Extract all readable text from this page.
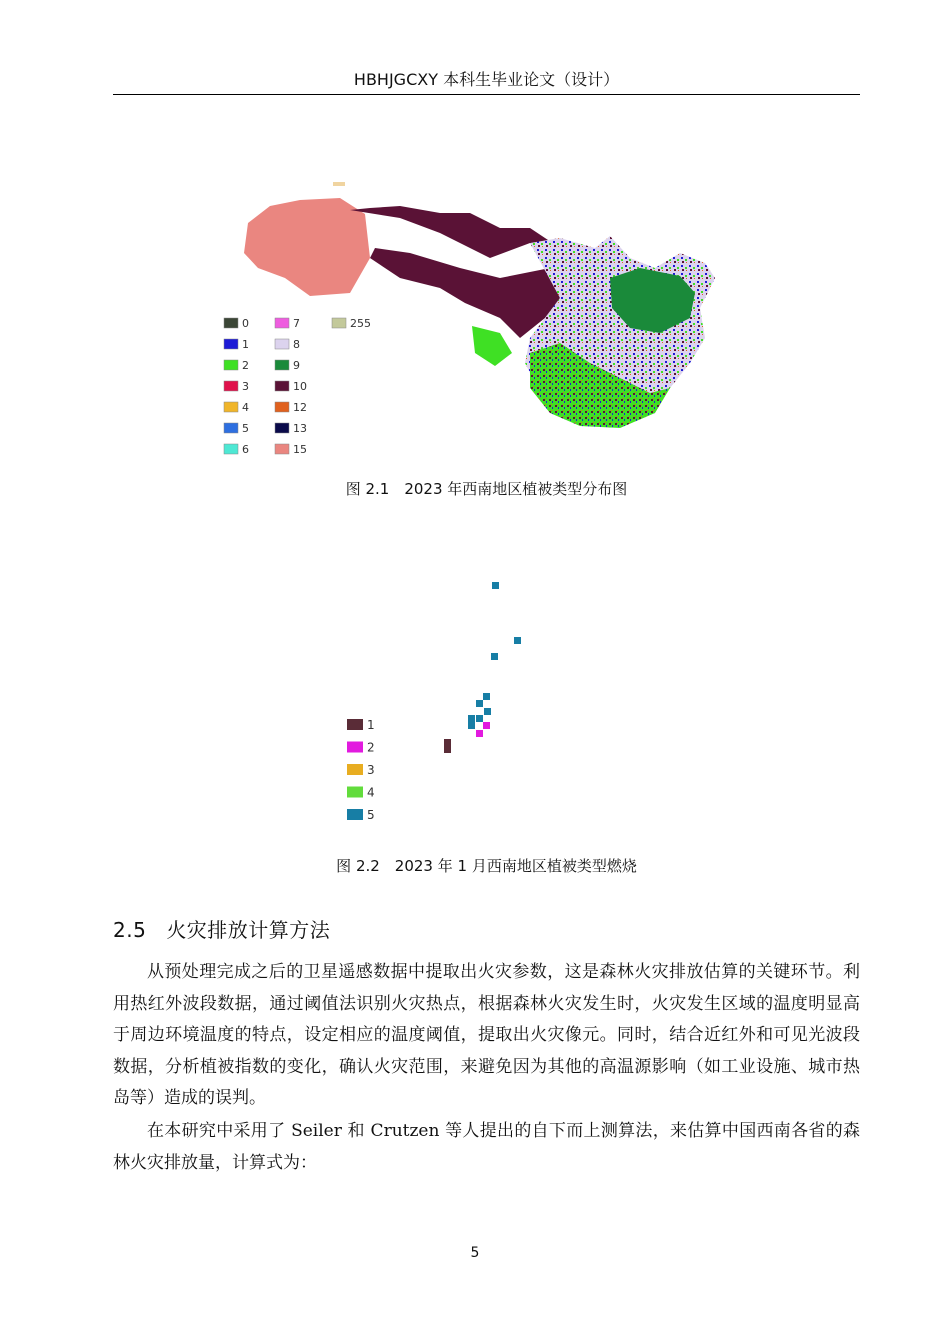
HBHJGCXY 本科生毕业论文（设计）
0
1
2
3
4
5
6
7
8
9
10
12
13
15
255
图 2.1　2023 年西南地区植被类型分布图
1
2
3
4
5
图 2.2　2023 年 1 月西南地区植被类型燃烧
2.5 火灾排放计算方法
从预处理完成之后的卫星遥感数据中提取出火灾参数，这是森林火灾排放估算的关键环节。利用热红外波段数据，通过阈值法识别火灾热点，根据森林火灾发生时，火灾发生区域的温度明显高于周边环境温度的特点，设定相应的温度阈值，提取出火灾像元。同时，结合近红外和可见光波段数据，分析植被指数的变化，确认火灾范围，来避免因为其他的高温源影响（如工业设施、城市热岛等）造成的误判。
在本研究中采用了 Seiler 和 Crutzen 等人提出的自下而上测算法，来估算中国西南各省的森林火灾排放量，计算式为：
5
